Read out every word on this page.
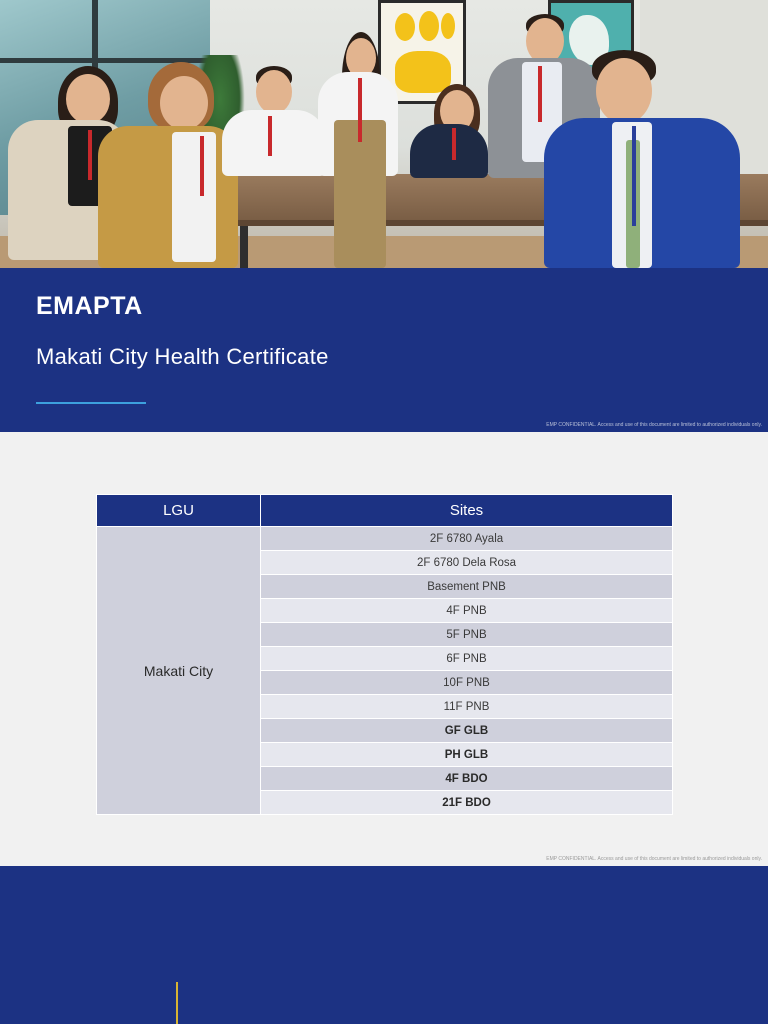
EMAPTA
Makati City Health Certificate
EMP CONFIDENTIAL. Access and use of this document are limited to authorized individuals only.
LGU	Sites
Makati City	2F 6780 Ayala
	2F 6780 Dela Rosa
	Basement PNB
	4F PNB
	5F PNB
	6F PNB
	10F PNB
	11F PNB
	GF GLB
	PH GLB
	4F BDO
	21F BDO
EMP CONFIDENTIAL. Access and use of this document are limited to authorized individuals only.
